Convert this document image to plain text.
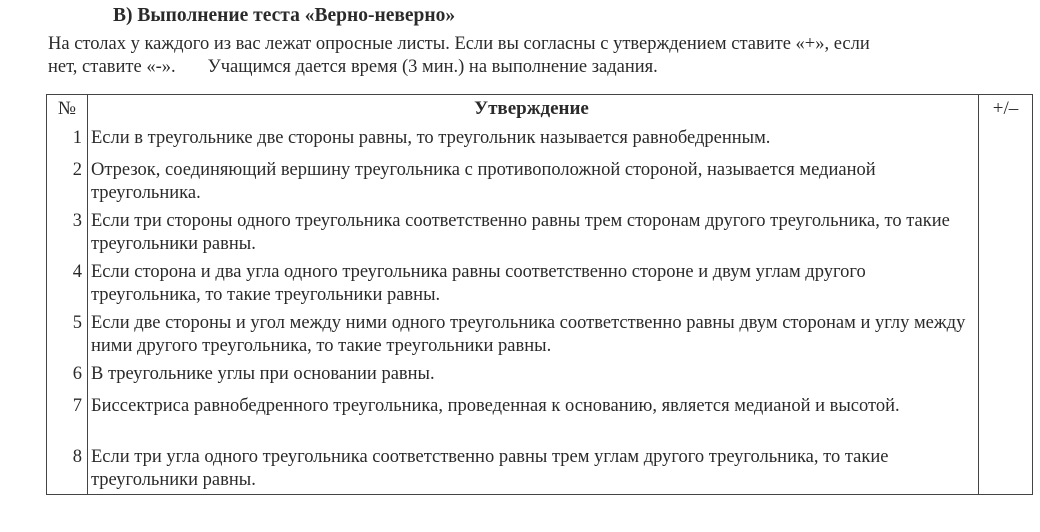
B) Выполнение теста «Верно-неверно»
На столах у каждого из вас лежат опросные листы. Если вы согласны с утверждением ставите «+», если
нет, ставите «-». Учащимся дается время (3 мин.) на выполнение задания.
№	Утверждение	+/–
1	Если в треугольнике две стороны равны, то треугольник называется равнобедренным.	
2	Отрезок, соединяющий вершину треугольника с противоположной стороной, называется медианой треугольника.	
3	Если три стороны одного треугольника соответственно равны трем сторонам другого треугольника, то такие треугольники равны.	
4	Если сторона и два угла одного треугольника равны соответственно стороне и двум углам другого треугольника, то такие треугольники равны.	
5	Если две стороны и угол между ними одного треугольника соответственно равны двум сторонам и углу между ними другого треугольника, то такие треугольники равны.	
6	В треугольнике углы при основании равны.	
7	Биссектриса равнобедренного треугольника, проведенная к основанию, является медианой и высотой.	
8	Если три угла одного треугольника соответственно равны трем углам другого треугольника, то такие треугольники равны.	
